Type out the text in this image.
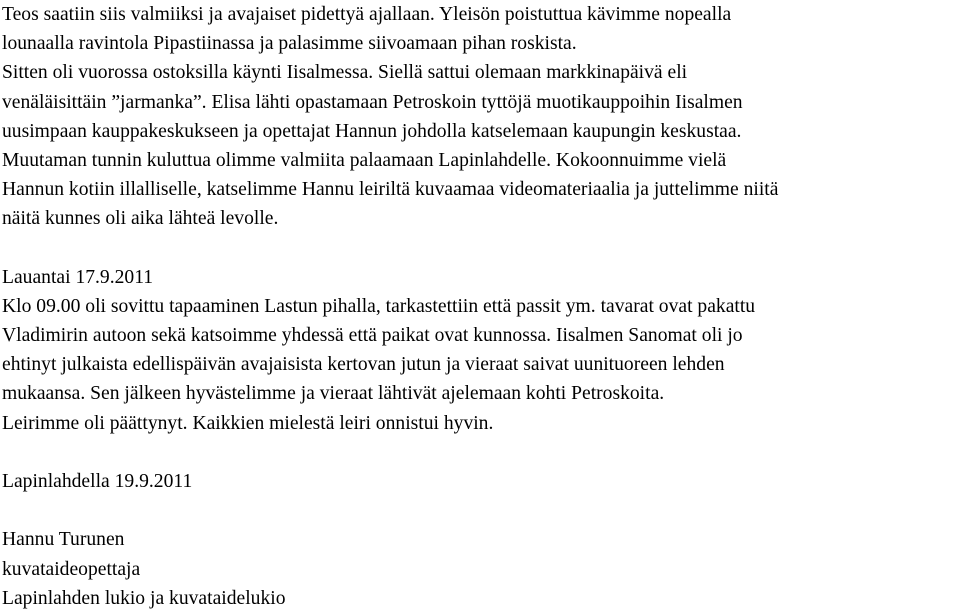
Teos saatiin siis valmiiksi ja avajaiset pidettyä ajallaan. Yleisön poistuttua kävimme nopealla
lounaalla ravintola Pipastiinassa ja palasimme siivoamaan pihan roskista.
Sitten oli vuorossa ostoksilla käynti Iisalmessa. Siellä sattui olemaan markkinapäivä eli
venäläisittäin ”jarmanka”. Elisa lähti opastamaan Petroskoin tyttöjä muotikauppoihin Iisalmen
uusimpaan kauppakeskukseen ja opettajat Hannun johdolla katselemaan kaupungin keskustaa.
Muutaman tunnin kuluttua olimme valmiita palaamaan Lapinlahdelle. Kokoonnuimme vielä
Hannun kotiin illalliselle, katselimme Hannu leiriltä kuvaamaa videomateriaalia ja juttelimme niitä
näitä kunnes oli aika lähteä levolle.
Lauantai 17.9.2011
Klo 09.00 oli sovittu tapaaminen Lastun pihalla, tarkastettiin että passit ym. tavarat ovat pakattu
Vladimirin autoon sekä katsoimme yhdessä että paikat ovat kunnossa. Iisalmen Sanomat oli jo
ehtinyt julkaista edellispäivän avajaisista kertovan jutun ja vieraat saivat uunituoreen lehden
mukaansa. Sen jälkeen hyvästelimme ja vieraat lähtivät ajelemaan kohti Petroskoita.
Leirimme oli päättynyt. Kaikkien mielestä leiri onnistui hyvin.
Lapinlahdella 19.9.2011
Hannu Turunen
kuvataideopettaja
Lapinlahden lukio ja kuvataidelukio
